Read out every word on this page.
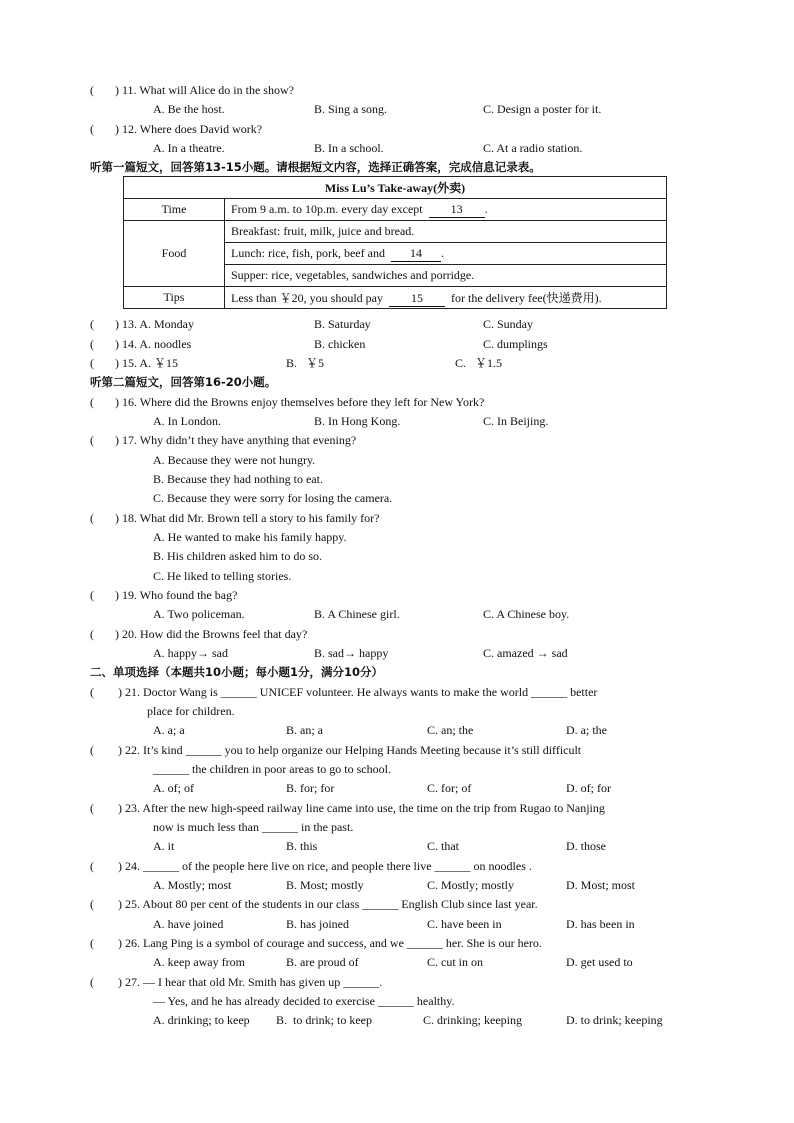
(       ) 11. What will Alice do in the show?
A. Be the host.	B. Sing a song.	C. Design a poster for it.
(       ) 12. Where does David work?
A. In a theatre.	B. In a school.	C. At a radio station.
听第一篇短文，回答第13-15小题。请根据短文内容，选择正确答案，完成信息记录表。
Miss Lu’s Take-away(外卖)	
Time	From 9 a.m. to 10p.m. every day except 13 .
Food	Breakfast: fruit, milk, juice and bread.
	Lunch: rice, fish, pork, beef and 14 .
	Supper: rice, vegetables, sandwiches and porridge.
Tips	Less than ￥20, you should pay 15 for the delivery fee(快递费用).
(       ) 13. A. Monday	B. Saturday	C. Sunday
(       ) 14. A. noodles	B. chicken	C. dumplings
(       ) 15. A. ￥15	B.   ￥5	C.   ￥1.5
听第二篇短文，回答第16-20小题。
(       ) 16. Where did the Browns enjoy themselves before they left for New York?
A. In London.	B. In Hong Kong.	C. In Beijing.
(       ) 17. Why didn’t they have anything that evening?
A. Because they were not hungry.
B. Because they had nothing to eat.
C. Because they were sorry for losing the camera.
(       ) 18. What did Mr. Brown tell a story to his family for?
A. He wanted to make his family happy.
B. His children asked him to do so.
C. He liked to telling stories.
(       ) 19. Who found the bag?
A. Two policeman.	B. A Chinese girl.	C. A Chinese boy.
(       ) 20. How did the Browns feel that day?
A. happy→ sad	B. sad→ happy	C. amazed → sad
二、单项选择（本题共10小题；每小题1分，满分10分）
(        ) 21. Doctor Wang is ______ UNICEF volunteer. He always wants to make the world ______ better
place for children.
A. a; a	B. an; a	C. an; the	D. a; the
(        ) 22. It’s kind ______ you to help organize our Helping Hands Meeting because it’s still difficult
______ the children in poor areas to go to school.
A. of; of	B. for; for	C. for; of	D. of; for
(        ) 23. After the new high-speed railway line came into use, the time on the trip from Rugao to Nanjing
now is much less than ______ in the past.
A. it	B. this	C. that	D. those
(        ) 24. ______ of the people here live on rice, and people there live ______ on noodles .
A. Mostly; most	B. Most; mostly	C. Mostly; mostly	D. Most; most
(        ) 25. About 80 per cent of the students in our class ______ English Club since last year.
A. have joined	B. has joined	C. have been in	D. has been in
(        ) 26. Lang Ping is a symbol of courage and success, and we ______ her. She is our hero.
A. keep away from	B. are proud of	C. cut in on	D. get used to
(        ) 27. — I hear that old Mr. Smith has given up ______.
— Yes, and he has already decided to exercise ______ healthy.
A. drinking; to keep B.  to drink; to keep	C. drinking; keeping	D. to drink; keeping
